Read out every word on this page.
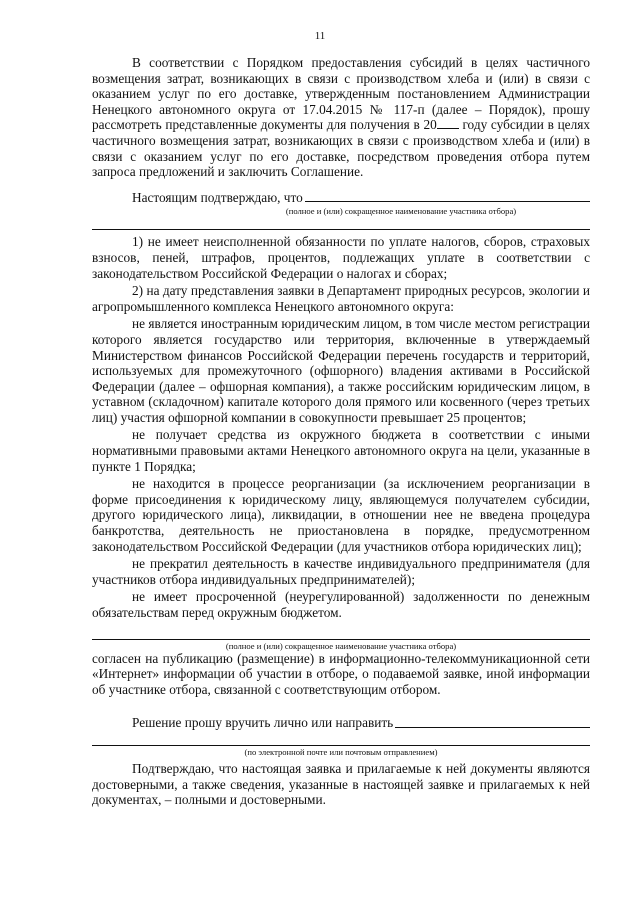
11

В соответствии с Порядком предоставления субсидий в целях частичного возмещения затрат, возникающих в связи с производством хлеба и (или) в связи с оказанием услуг по его доставке, утвержденным постановлением Администрации Ненецкого автономного округа от 17.04.2015 № 117-п (далее – Порядок), прошу рассмотреть представленные документы для получения в 20 году субсидии в целях частичного возмещения затрат, возникающих в связи с производством хлеба и (или) в связи с оказанием услуг по его доставке, посредством проведения отбора путем запроса предложений и заключить Соглашение.

Настоящим подтверждаю, что
(полное и (или) сокращенное наименование участника отбора)

1) не имеет неисполненной обязанности по уплате налогов, сборов, страховых взносов, пеней, штрафов, процентов, подлежащих уплате в соответствии с законодательством Российской Федерации о налогах и сборах;

2) на дату представления заявки в Департамент природных ресурсов, экологии и агропромышленного комплекса Ненецкого автономного округа:

не является иностранным юридическим лицом, в том числе местом регистрации которого является государство или территория, включенные в утверждаемый Министерством финансов Российской Федерации перечень государств и территорий, используемых для промежуточного (офшорного) владения активами в Российской Федерации (далее – офшорная компания), а также российским юридическим лицом, в уставном (складочном) капитале которого доля прямого или косвенного (через третьих лиц) участия офшорной компании в совокупности превышает 25 процентов;

не получает средства из окружного бюджета в соответствии с иными нормативными правовыми актами Ненецкого автономного округа на цели, указанные в пункте 1 Порядка;

не находится в процессе реорганизации (за исключением реорганизации в форме присоединения к юридическому лицу, являющемуся получателем субсидии, другого юридического лица), ликвидации, в отношении нее не введена процедура банкротства, деятельность не приостановлена в порядке, предусмотренном законодательством Российской Федерации (для участников отбора юридических лиц);

не прекратил деятельность в качестве индивидуального предпринимателя (для участников отбора индивидуальных предпринимателей);

не имеет просроченной (неурегулированной) задолженности по денежным обязательствам перед окружным бюджетом.

(полное и (или) сокращенное наименование участника отбора)

согласен на публикацию (размещение) в информационно-телекоммуникационной сети «Интернет» информации об участии в отборе, о подаваемой заявке, иной информации об участнике отбора, связанной с соответствующим отбором.

Решение прошу вручить лично или направить
(по электронной почте или почтовым отправлением)

Подтверждаю, что настоящая заявка и прилагаемые к ней документы являются достоверными, а также сведения, указанные в настоящей заявке и прилагаемых к ней документах, – полными и достоверными.
